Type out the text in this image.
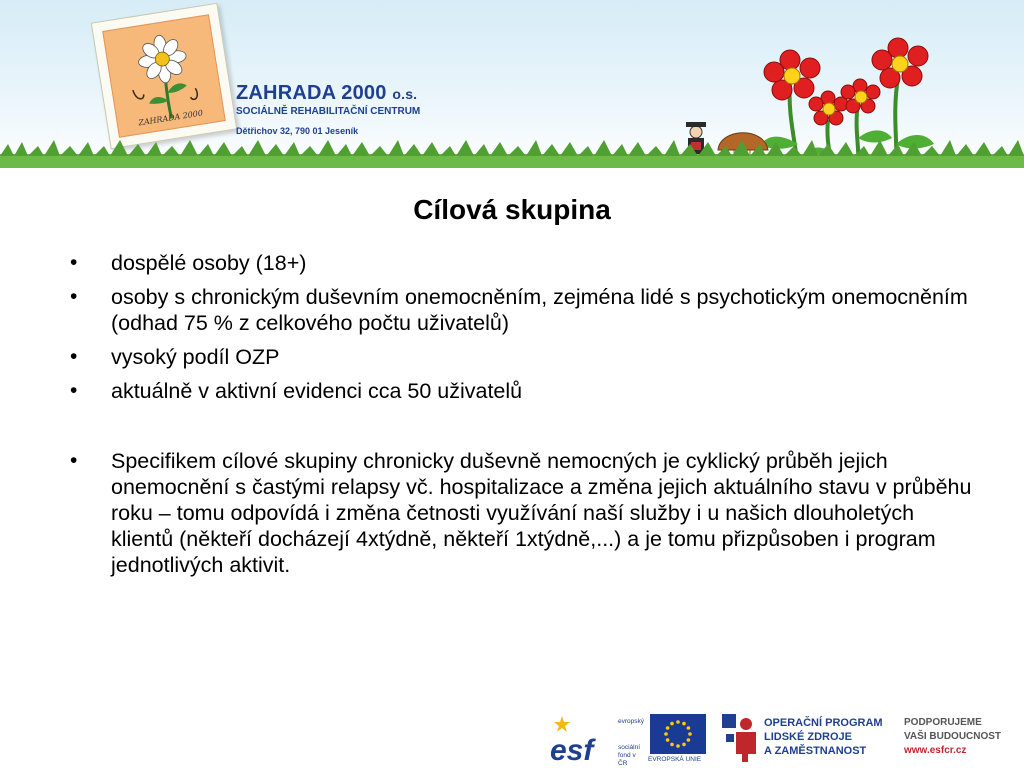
ZAHRADA 2000
ZAHRADA 2000 o.s.
SOCIÁLNĚ REHABILITAČNÍ CENTRUM
Dětřichov 32, 790 01 Jeseník
Cílová skupina
• dospělé osoby (18+)
• osoby s chronickým duševním onemocněním, zejména lidé s psychotickým onemocněním (odhad 75 % z celkového počtu uživatelů)
• vysoký podíl OZP
• aktuálně v aktivní evidenci cca 50 uživatelů
• Specifikem cílové skupiny chronicky duševně nemocných je cyklický průběh jejich onemocnění s častými relapsy vč. hospitalizace a změna jejich aktuálního stavu v průběhu roku – tomu odpovídá i změna četnosti využívání naší služby i u našich dlouholetých klientů (někteří docházejí 4xtýdně, někteří 1xtýdně,...) a je tomu přizpůsoben i program jednotlivých aktivit.
esf
evropský
sociální
fond v ČR
EVROPSKÁ UNIE
OPERAČNÍ PROGRAM
LIDSKÉ ZDROJE
A ZAMĚSTNANOST
PODPORUJEME
VAŠI BUDOUCNOST
www.esfcr.cz
